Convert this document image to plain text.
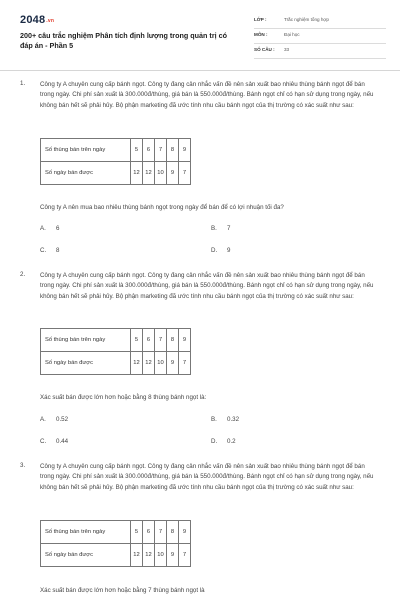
2048.vn
200+ câu trắc nghiệm Phân tích định lượng trong quản trị có đáp án - Phần 5
LỚP :	Trắc nghiệm tổng hợp
MÔN :	Đại học
SỐ CÂU : 33
1. Công ty A chuyên cung cấp bánh ngọt. Công ty đang cân nhắc vấn đề nên sản xuất bao nhiêu thùng bánh ngọt để bán trong ngày. Chi phí sản xuất là 300.000đ/thùng, giá bán là 550.000đ/thùng. Bánh ngọt chỉ có hạn sử dụng trong ngày, nếu không bán hết sẽ phải hủy. Bộ phận marketing đã ước tính nhu cầu bánh ngọt của thị trường có xác suất như sau:
Số thùng bán trên ngày	5	6	7	8	9
Số ngày bán được	12	12	10	9	7
Công ty A nên mua bao nhiêu thùng bánh ngọt trong ngày để bán để có lợi nhuận tối đa?
A. 6	B. 7
C. 8	D. 9
2. Công ty A chuyên cung cấp bánh ngọt. Công ty đang cân nhắc vấn đề nên sản xuất bao nhiêu thùng bánh ngọt để bán trong ngày. Chi phí sản xuất là 300.000đ/thùng, giá bán là 550.000đ/thùng. Bánh ngọt chỉ có hạn sử dụng trong ngày, nếu không bán hết sẽ phải hủy. Bộ phận marketing đã ước tính nhu cầu bánh ngọt của thị trường có xác suất như sau:
Số thùng bán trên ngày	5	6	7	8	9
Số ngày bán được	12	12	10	9	7
Xác suất bán được lớn hơn hoặc bằng 8 thùng bánh ngọt là:
A. 0.52	B. 0.32
C. 0.44	D. 0.2
3. Công ty A chuyên cung cấp bánh ngọt. Công ty đang cân nhắc vấn đề nên sản xuất bao nhiêu thùng bánh ngọt để bán trong ngày. Chi phí sản xuất là 300.000đ/thùng, giá bán là 550.000đ/thùng. Bánh ngọt chỉ có hạn sử dụng trong ngày, nếu không bán hết sẽ phải hủy. Bộ phận marketing đã ước tính nhu cầu bánh ngọt của thị trường có xác suất như sau:
Số thùng bán trên ngày	5	6	7	8	9
Số ngày bán được	12	12	10	9	7
Xác suất bán được lớn hơn hoặc bằng 7 thùng bánh ngọt là
